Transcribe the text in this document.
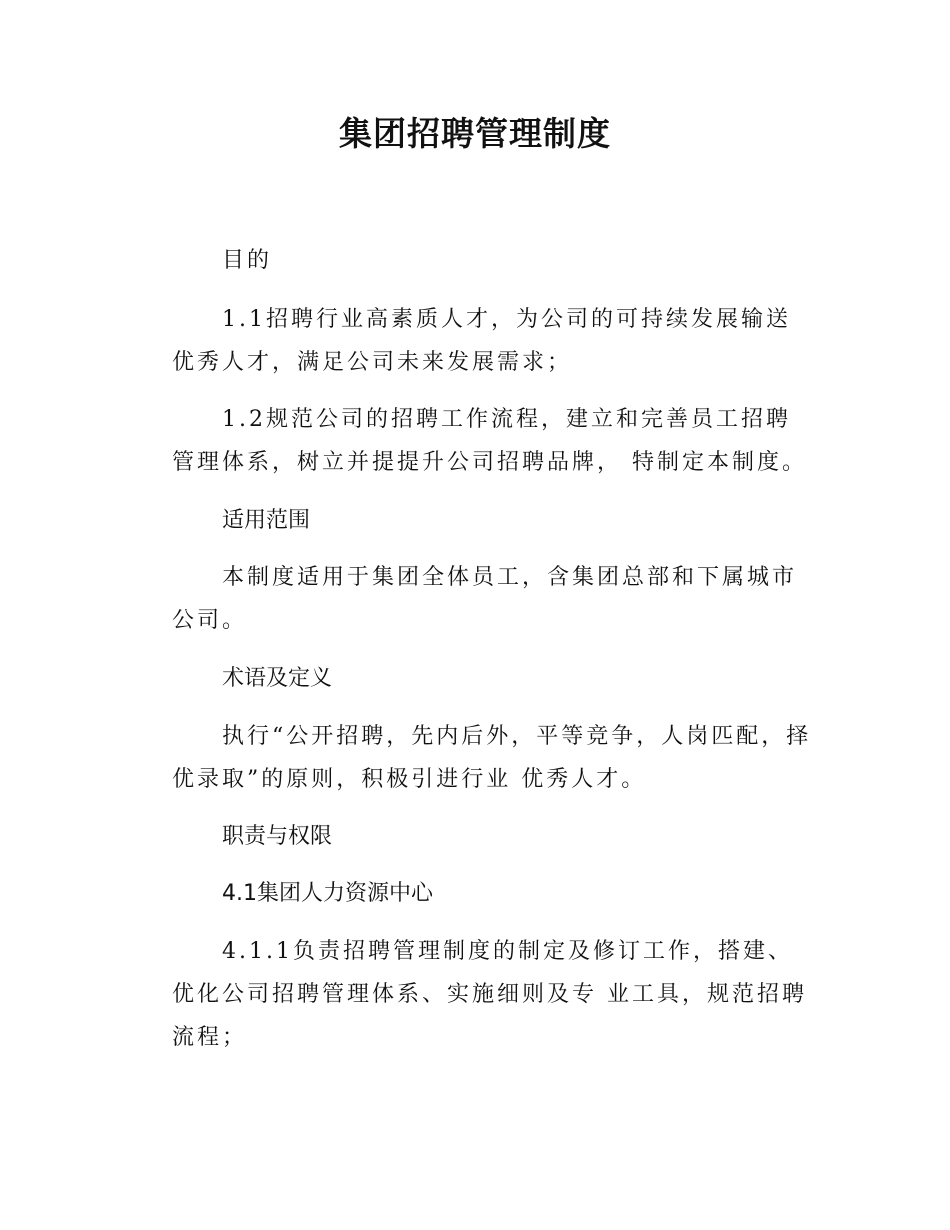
集团招聘管理制度

目的

1.1招聘行业高素质人才，为公司的可持续发展输送优秀人才，满足公司未来发展需求；

1.2规范公司的招聘工作流程，建立和完善员工招聘管理体系，树立并提提升公司招聘品牌， 特制定本制度。

适用范围

本制度适用于集团全体员工，含集团总部和下属城市公司。

术语及定义

执行“公开招聘，先内后外，平等竞争，人岗匹配，择优录取”的原则，积极引进行业 优秀人才。

职责与权限

4.1集团人力资源中心

4.1.1负责招聘管理制度的制定及修订工作，搭建、优化公司招聘管理体系、实施细则及专 业工具，规范招聘流程；
